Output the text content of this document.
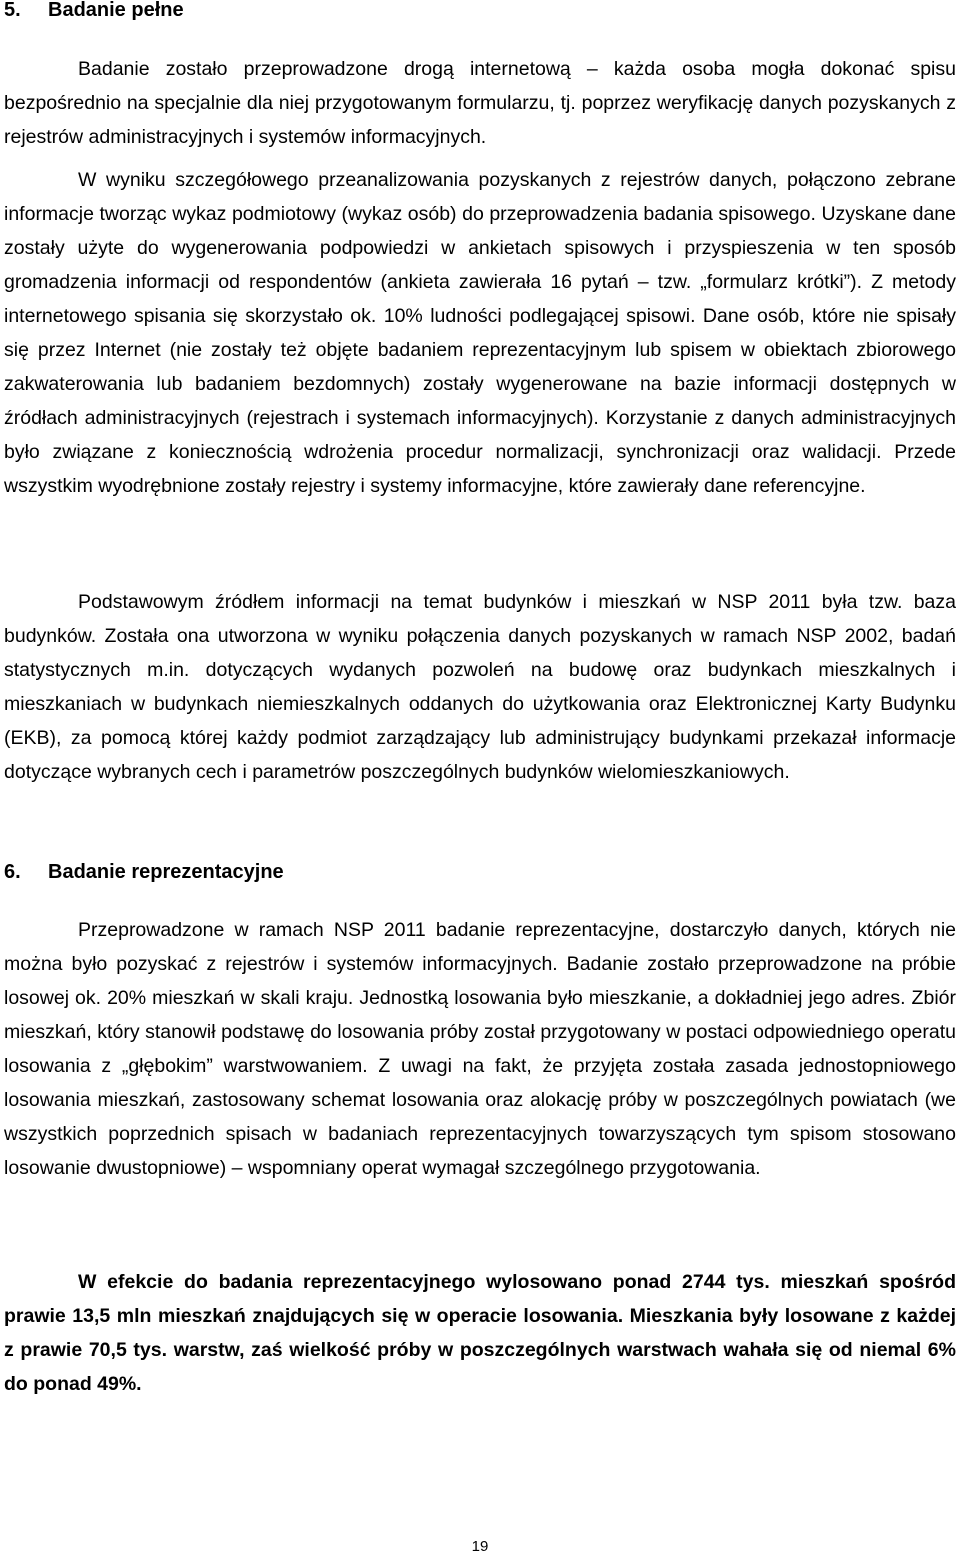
5. Badanie pełne

Badanie zostało przeprowadzone drogą internetową – każda osoba mogła dokonać spisu bezpośrednio na specjalnie dla niej przygotowanym formularzu, tj. poprzez weryfikację danych pozyskanych z rejestrów administracyjnych i systemów informacyjnych.

W wyniku szczegółowego przeanalizowania pozyskanych z rejestrów danych, połączono zebrane informacje tworząc wykaz podmiotowy (wykaz osób) do przeprowadzenia badania spisowego. Uzyskane dane zostały użyte do wygenerowania podpowiedzi w ankietach spisowych i przyspieszenia w ten sposób gromadzenia informacji od respondentów (ankieta zawierała 16 pytań – tzw. „formularz krótki”). Z metody internetowego spisania się skorzystało ok. 10% ludności podlegającej spisowi. Dane osób, które nie spisały się przez Internet (nie zostały też objęte badaniem reprezentacyjnym lub spisem w obiektach zbiorowego zakwaterowania lub badaniem bezdomnych) zostały wygenerowane na bazie informacji dostępnych w źródłach administracyjnych (rejestrach i systemach informacyjnych). Korzystanie z danych administracyjnych było związane z koniecznością wdrożenia procedur normalizacji, synchronizacji oraz walidacji. Przede wszystkim wyodrębnione zostały rejestry i systemy informacyjne, które zawierały dane referencyjne.

Podstawowym źródłem informacji na temat budynków i mieszkań w NSP 2011 była tzw. baza budynków. Została ona utworzona w wyniku połączenia danych pozyskanych w ramach NSP 2002, badań statystycznych m.in. dotyczących wydanych pozwoleń na budowę oraz budynkach mieszkalnych i mieszkaniach w budynkach niemieszkalnych oddanych do użytkowania oraz Elektronicznej Karty Budynku (EKB), za pomocą której każdy podmiot zarządzający lub administrujący budynkami przekazał informacje dotyczące wybranych cech i parametrów poszczególnych budynków wielomieszkaniowych.

6. Badanie reprezentacyjne

Przeprowadzone w ramach NSP 2011 badanie reprezentacyjne, dostarczyło danych, których nie można było pozyskać z rejestrów i systemów informacyjnych. Badanie zostało przeprowadzone na próbie losowej ok. 20% mieszkań w skali kraju. Jednostką losowania było mieszkanie, a dokładniej jego adres. Zbiór mieszkań, który stanowił podstawę do losowania próby został przygotowany w postaci odpowiedniego operatu losowania z „głębokim” warstwowaniem. Z uwagi na fakt, że przyjęta została zasada jednostopniowego losowania mieszkań, zastosowany schemat losowania oraz alokację próby w poszczególnych powiatach (we wszystkich poprzednich spisach w badaniach reprezentacyjnych towarzyszących tym spisom stosowano losowanie dwustopniowe) – wspomniany operat wymagał szczególnego przygotowania.

W efekcie do badania reprezentacyjnego wylosowano ponad 2744 tys. mieszkań spośród prawie 13,5 mln mieszkań znajdujących się w operacie losowania. Mieszkania były losowane z każdej z prawie 70,5 tys. warstw, zaś wielkość próby w poszczególnych warstwach wahała się od niemal 6% do ponad 49%.

19
